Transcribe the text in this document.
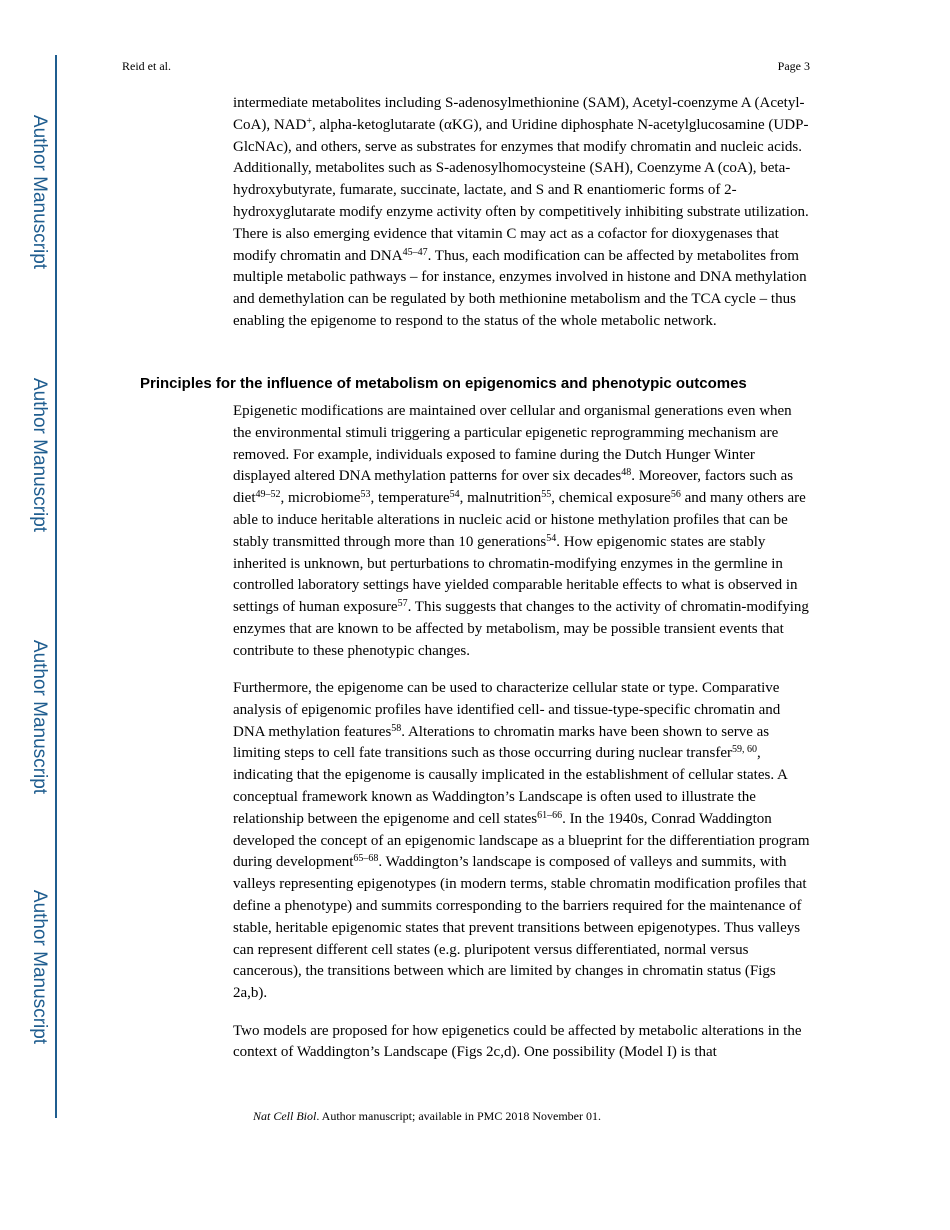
Author Manuscript
Author Manuscript
Author Manuscript
Author Manuscript
Reid et al.	Page 3

intermediate metabolites including S-adenosylmethionine (SAM), Acetyl-coenzyme A (Acetyl-CoA), NAD+, alpha-ketoglutarate (αKG), and Uridine diphosphate N-acetylglucosamine (UDP-GlcNAc), and others, serve as substrates for enzymes that modify chromatin and nucleic acids. Additionally, metabolites such as S-adenosylhomocysteine (SAH), Coenzyme A (coA), beta-hydroxybutyrate, fumarate, succinate, lactate, and S and R enantiomeric forms of 2-hydroxyglutarate modify enzyme activity often by competitively inhibiting substrate utilization. There is also emerging evidence that vitamin C may act as a cofactor for dioxygenases that modify chromatin and DNA$^{45-47}$. Thus, each modification can be affected by metabolites from multiple metabolic pathways – for instance, enzymes involved in histone and DNA methylation and demethylation can be regulated by both methionine metabolism and the TCA cycle – thus enabling the epigenome to respond to the status of the whole metabolic network.

Principles for the influence of metabolism on epigenomics and phenotypic outcomes

Epigenetic modifications are maintained over cellular and organismal generations even when the environmental stimuli triggering a particular epigenetic reprogramming mechanism are removed. For example, individuals exposed to famine during the Dutch Hunger Winter displayed altered DNA methylation patterns for over six decades$^{48}$. Moreover, factors such as diet$^{49-52}$, microbiome$^{53}$, temperature$^{54}$, malnutrition$^{55}$, chemical exposure$^{56}$ and many others are able to induce heritable alterations in nucleic acid or histone methylation profiles that can be stably transmitted through more than 10 generations$^{54}$. How epigenomic states are stably inherited is unknown, but perturbations to chromatin-modifying enzymes in the germline in controlled laboratory settings have yielded comparable heritable effects to what is observed in settings of human exposure$^{57}$. This suggests that changes to the activity of chromatin-modifying enzymes that are known to be affected by metabolism, may be possible transient events that contribute to these phenotypic changes.

Furthermore, the epigenome can be used to characterize cellular state or type. Comparative analysis of epigenomic profiles have identified cell- and tissue-type-specific chromatin and DNA methylation features$^{58}$. Alterations to chromatin marks have been shown to serve as limiting steps to cell fate transitions such as those occurring during nuclear transfer$^{59, 60}$, indicating that the epigenome is causally implicated in the establishment of cellular states. A conceptual framework known as Waddington’s Landscape is often used to illustrate the relationship between the epigenome and cell states$^{61-66}$. In the 1940s, Conrad Waddington developed the concept of an epigenomic landscape as a blueprint for the differentiation program during development$^{65-68}$. Waddington’s landscape is composed of valleys and summits, with valleys representing epigenotypes (in modern terms, stable chromatin modification profiles that define a phenotype) and summits corresponding to the barriers required for the maintenance of stable, heritable epigenomic states that prevent transitions between epigenotypes. Thus valleys can represent different cell states (e.g. pluripotent versus differentiated, normal versus cancerous), the transitions between which are limited by changes in chromatin status (Figs 2a,b).

Two models are proposed for how epigenetics could be affected by metabolic alterations in the context of Waddington’s Landscape (Figs 2c,d). One possibility (Model I) is that

Nat Cell Biol. Author manuscript; available in PMC 2018 November 01.
